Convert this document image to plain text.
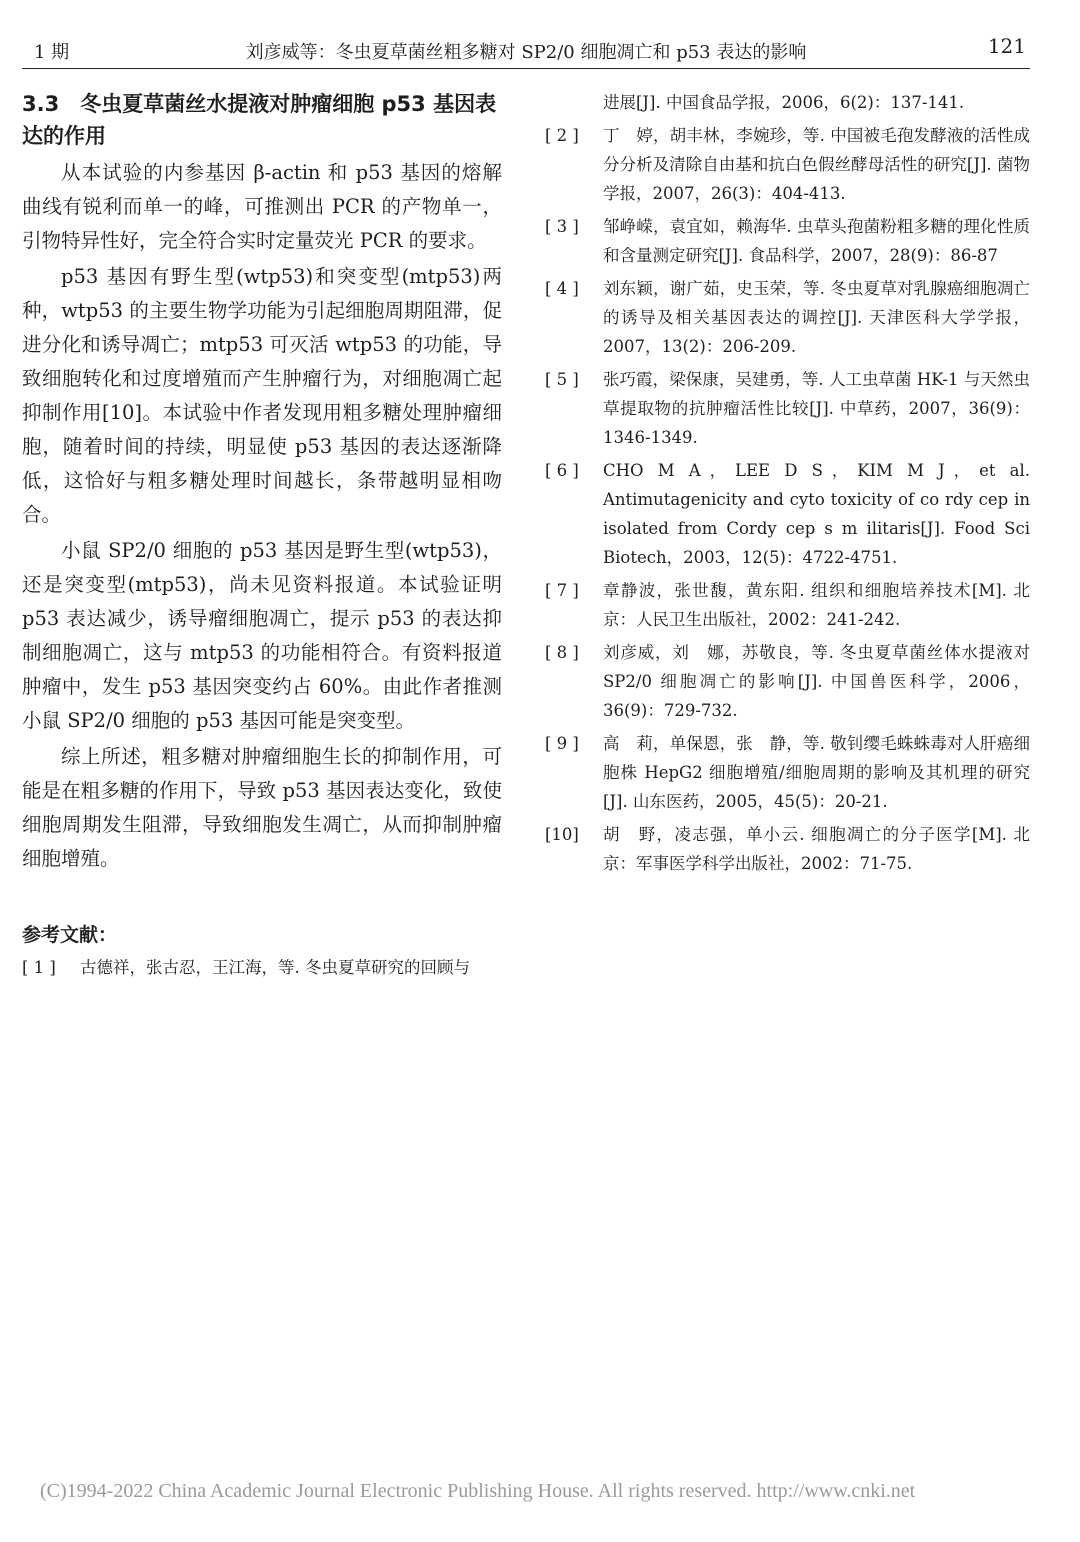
1 期	刘彦威等：冬虫夏草菌丝粗多糖对 SP2/0 细胞凋亡和 p53 表达的影响	121
3.3　冬虫夏草菌丝水提液对肿瘤细胞 p53 基因表达的作用

从本试验的内参基因 β-actin 和 p53 基因的熔解曲线有锐利而单一的峰，可推测出 PCR 的产物单一，引物特异性好，完全符合实时定量荧光 PCR 的要求。

p53 基因有野生型(wtp53)和突变型(mtp53)两种，wtp53 的主要生物学功能为引起细胞周期阻滞，促进分化和诱导凋亡；mtp53 可灭活 wtp53 的功能，导致细胞转化和过度增殖而产生肿瘤行为，对细胞凋亡起抑制作用[10]。本试验中作者发现用粗多糖处理肿瘤细胞，随着时间的持续，明显使 p53 基因的表达逐渐降低，这恰好与粗多糖处理时间越长，条带越明显相吻合。

小鼠 SP2/0 细胞的 p53 基因是野生型(wtp53)，还是突变型(mtp53)，尚未见资料报道。本试验证明 p53 表达减少，诱导瘤细胞凋亡，提示 p53 的表达抑制细胞凋亡，这与 mtp53 的功能相符合。有资料报道肿瘤中，发生 p53 基因突变约占 60%。由此作者推测小鼠 SP2/0 细胞的 p53 基因可能是突变型。

综上所述，粗多糖对肿瘤细胞生长的抑制作用，可能是在粗多糖的作用下，导致 p53 基因表达变化，致使细胞周期发生阻滞，导致细胞发生凋亡，从而抑制肿瘤细胞增殖。

参考文献：
[ 1 ] 古德祥，张古忍，王江海，等. 冬虫夏草研究的回顾与
进展[J]. 中国食品学报，2006，6(2)：137-141.
[ 2 ] 丁　婷，胡丰林，李婉珍，等. 中国被毛孢发酵液的活性成分分析及清除自由基和抗白色假丝酵母活性的研究[J]. 菌物学报，2007，26(3)：404-413.
[ 3 ] 邹峥嵘，袁宜如，赖海华. 虫草头孢菌粉粗多糖的理化性质和含量测定研究[J]. 食品科学，2007，28(9)：86-87
[ 4 ] 刘东颖，谢广茹，史玉荣，等. 冬虫夏草对乳腺癌细胞凋亡的诱导及相关基因表达的调控[J]. 天津医科大学学报，2007，13(2)：206-209.
[ 5 ] 张巧霞，梁保康，吴建勇，等. 人工虫草菌 HK-1 与天然虫草提取物的抗肿瘤活性比较[J]. 中草药，2007，36(9)：1346-1349.
[ 6 ] CHO M A，LEE D S，KIM M J，et al. Antimutagenicity and cyto toxicity of co rdy cep in isolated from Cordy cep s m ilitaris[J]. Food Sci Biotech，2003，12(5)：4722-4751.
[ 7 ] 章静波，张世馥，黄东阳. 组织和细胞培养技术[M]. 北京：人民卫生出版社，2002：241-242.
[ 8 ] 刘彦威，刘　娜，苏敬良，等. 冬虫夏草菌丝体水提液对 SP2/0 细胞凋亡的影响[J]. 中国兽医科学，2006，36(9)：729-732.
[ 9 ] 高　莉，单保恩，张　静，等. 敬钊缨毛蛛蛛毒对人肝癌细胞株 HepG2 细胞增殖/细胞周期的影响及其机理的研究[J]. 山东医药，2005，45(5)：20-21.
[10] 胡　野，凌志强，单小云. 细胞凋亡的分子医学[M]. 北京：军事医学科学出版社，2002：71-75.
(C)1994-2022 China Academic Journal Electronic Publishing House. All rights reserved. http://www.cnki.net
